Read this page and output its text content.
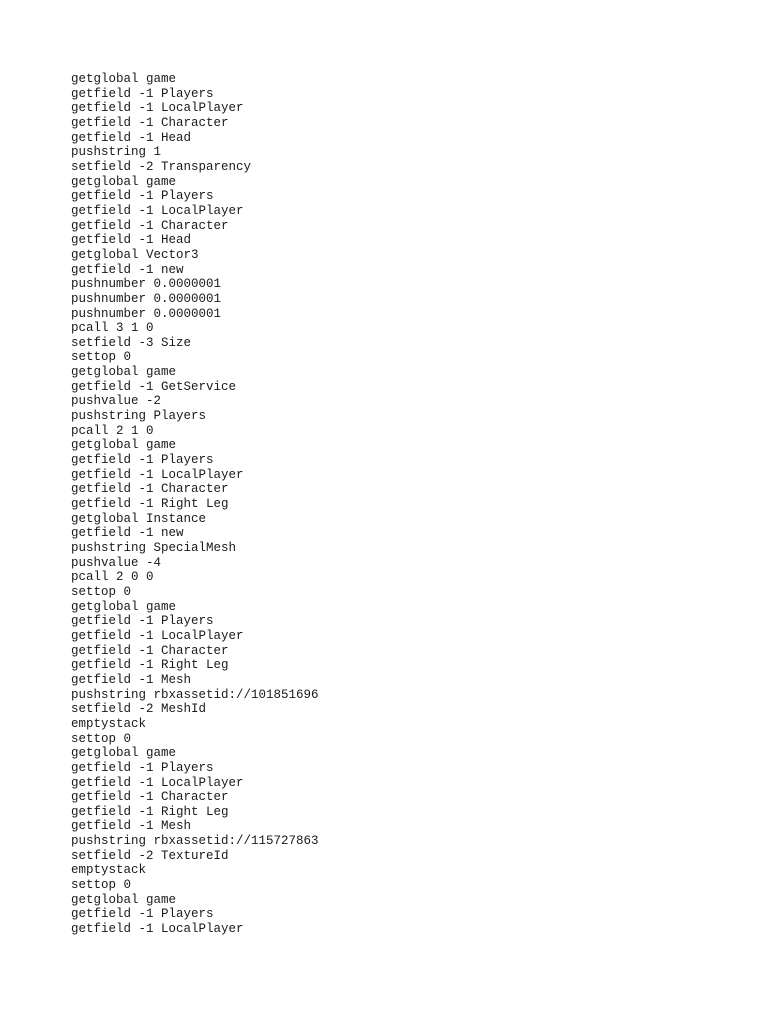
getglobal game
getfield -1 Players
getfield -1 LocalPlayer
getfield -1 Character
getfield -1 Head
pushstring 1
setfield -2 Transparency
getglobal game
getfield -1 Players
getfield -1 LocalPlayer
getfield -1 Character
getfield -1 Head
getglobal Vector3
getfield -1 new
pushnumber 0.0000001
pushnumber 0.0000001
pushnumber 0.0000001
pcall 3 1 0
setfield -3 Size
settop 0
getglobal game
getfield -1 GetService
pushvalue -2
pushstring Players
pcall 2 1 0
getglobal game
getfield -1 Players
getfield -1 LocalPlayer
getfield -1 Character
getfield -1 Right Leg
getglobal Instance
getfield -1 new
pushstring SpecialMesh
pushvalue -4
pcall 2 0 0
settop 0
getglobal game
getfield -1 Players
getfield -1 LocalPlayer
getfield -1 Character
getfield -1 Right Leg
getfield -1 Mesh
pushstring rbxassetid://101851696
setfield -2 MeshId
emptystack
settop 0
getglobal game
getfield -1 Players
getfield -1 LocalPlayer
getfield -1 Character
getfield -1 Right Leg
getfield -1 Mesh
pushstring rbxassetid://115727863
setfield -2 TextureId
emptystack
settop 0
getglobal game
getfield -1 Players
getfield -1 LocalPlayer
